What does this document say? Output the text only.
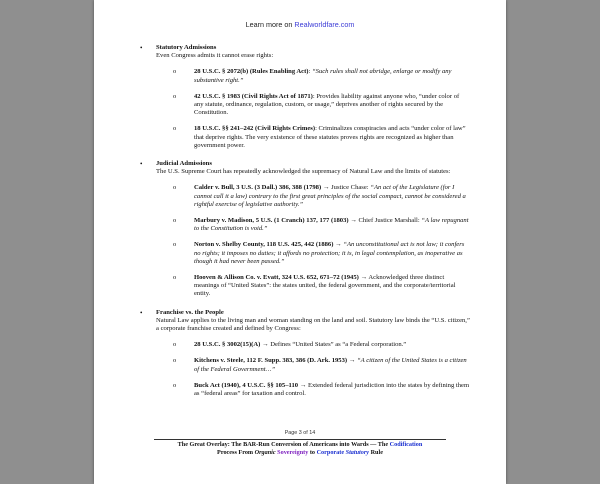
Learn more on Realworldfare.com
• Statutory Admissions
Even Congress admits it cannot erase rights:
o	28 U.S.C. § 2072(b) (Rules Enabling Act): “Such rules shall not abridge, enlarge or modify any substantive right.”
o	42 U.S.C. § 1983 (Civil Rights Act of 1871): Provides liability against anyone who, “under color of any statute, ordinance, regulation, custom, or usage,” deprives another of rights secured by the Constitution.
o	18 U.S.C. §§ 241–242 (Civil Rights Crimes): Criminalizes conspiracies and acts “under color of law” that deprive rights. The very existence of these statutes proves rights are recognized as higher than government power.
• Judicial Admissions
The U.S. Supreme Court has repeatedly acknowledged the supremacy of Natural Law and the limits of statutes:
o	Calder v. Bull, 3 U.S. (3 Dall.) 386, 388 (1798) → Justice Chase: “An act of the Legislature (for I cannot call it a law) contrary to the first great principles of the social compact, cannot be considered a rightful exercise of legislative authority.”
o	Marbury v. Madison, 5 U.S. (1 Cranch) 137, 177 (1803) → Chief Justice Marshall: “A law repugnant to the Constitution is void.”
o	Norton v. Shelby County, 118 U.S. 425, 442 (1886) → “An unconstitutional act is not law; it confers no rights; it imposes no duties; it affords no protection; it is, in legal contemplation, as inoperative as though it had never been passed.”
o	Hooven & Allison Co. v. Evatt, 324 U.S. 652, 671–72 (1945) → Acknowledged three distinct meanings of “United States”: the states united, the federal government, and the corporate/territorial entity.
• Franchise vs. the People
Natural Law applies to the living man and woman standing on the land and soil. Statutory law binds the “U.S. citizen,” a corporate franchise created and defined by Congress:
o	28 U.S.C. § 3002(15)(A) → Defines “United States” as “a Federal corporation.”
o	Kitchens v. Steele, 112 F. Supp. 383, 386 (D. Ark. 1953) → “A citizen of the United States is a citizen of the Federal Government…”
o	Buck Act (1940), 4 U.S.C. §§ 105–110 → Extended federal jurisdiction into the states by defining them as “federal areas” for taxation and control.
Page 3 of 14
The Great Overlay: The BAR-Run Conversion of Americans into Wards — The Codification
Process From Organic Sovereignty to Corporate Statutory Rule
